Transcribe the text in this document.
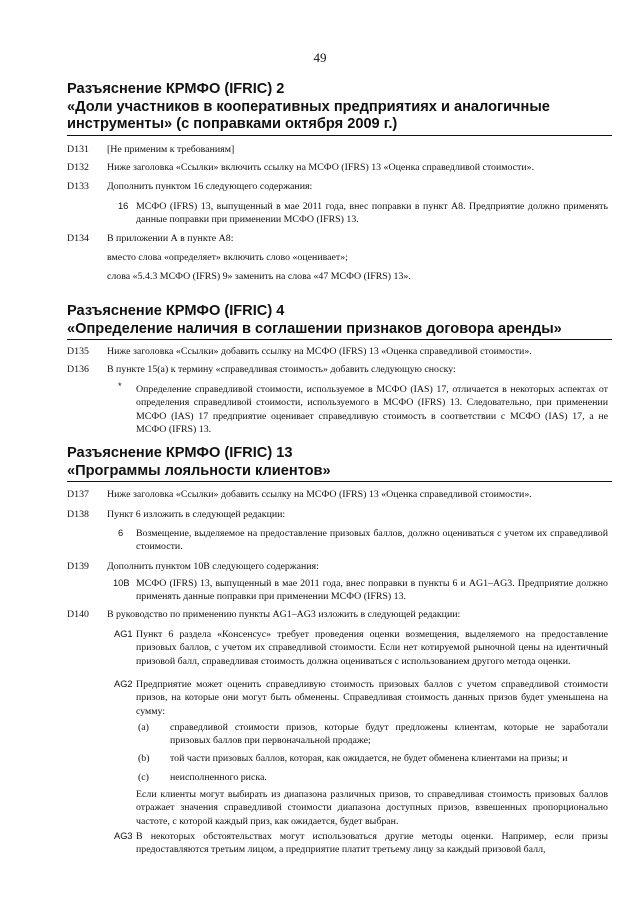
49
Разъяснение КРМФО (IFRIC) 2
«Доли участников в кооперативных предприятиях и аналогичные
инструменты» (с поправками октября 2009 г.)
D131 [Не применим к требованиям]
D132 Ниже заголовка «Ссылки» включить ссылку на МСФО (IFRS) 13 «Оценка справедливой стоимости».
D133 Дополнить пунктом 16 следующего содержания:
16 МСФО (IFRS) 13, выпущенный в мае 2011 года, внес поправки в пункт А8. Предприятие должно применять данные поправки при применении МСФО (IFRS) 13.
D134 В приложении А в пункте А8:
вместо слова «определяет» включить слово «оценивает»;
слова «5.4.3 МСФО (IFRS) 9» заменить на слова «47 МСФО (IFRS) 13».
Разъяснение КРМФО (IFRIC) 4
«Определение наличия в соглашении признаков договора аренды»
D135 Ниже заголовка «Ссылки» добавить ссылку на МСФО (IFRS) 13 «Оценка справедливой стоимости».
D136 В пункте 15(а) к термину «справедливая стоимость» добавить следующую сноску:
* Определение справедливой стоимости, используемое в МСФО (IAS) 17, отличается в некоторых аспектах от определения справедливой стоимости, используемого в МСФО (IFRS) 13. Следовательно, при применении МСФО (IAS) 17 предприятие оценивает справедливую стоимость в соответствии с МСФО (IAS) 17, а не МСФО (IFRS) 13.
Разъяснение КРМФО (IFRIC) 13
«Программы лояльности клиентов»
D137 Ниже заголовка «Ссылки» добавить ссылку на МСФО (IFRS) 13 «Оценка справедливой стоимости».
D138 Пункт 6 изложить в следующей редакции:
6 Возмещение, выделяемое на предоставление призовых баллов, должно оцениваться с учетом их справедливой стоимости.
D139 Дополнить пунктом 10В следующего содержания:
10В МСФО (IFRS) 13, выпущенный в мае 2011 года, внес поправки в пункты 6 и AG1–AG3. Предприятие должно применять данные поправки при применении МСФО (IFRS) 13.
D140 В руководство по применению пункты AG1–AG3 изложить в следующей редакции:
AG1 Пункт 6 раздела «Консенсус» требует проведения оценки возмещения, выделяемого на предоставление призовых баллов, с учетом их справедливой стоимости. Если нет котируемой рыночной цены на идентичный призовой балл, справедливая стоимость должна оцениваться с использованием другого метода оценки.
AG2 Предприятие может оценить справедливую стоимость призовых баллов с учетом справедливой стоимости призов, на которые они могут быть обменены. Справедливая стоимость данных призов будет уменьшена на сумму:
(a) справедливой стоимости призов, которые будут предложены клиентам, которые не заработали призовых баллов при первоначальной продаже;
(b) той части призовых баллов, которая, как ожидается, не будет обменена клиентами на призы; и
(c) неисполненного риска.
Если клиенты могут выбирать из диапазона различных призов, то справедливая стоимость призовых баллов отражает значения справедливой стоимости диапазона доступных призов, взвешенных пропорционально частоте, с которой каждый приз, как ожидается, будет выбран.
AG3 В некоторых обстоятельствах могут использоваться другие методы оценки. Например, если призы предоставляются третьим лицом, а предприятие платит третьему лицу за каждый призовой балл,
